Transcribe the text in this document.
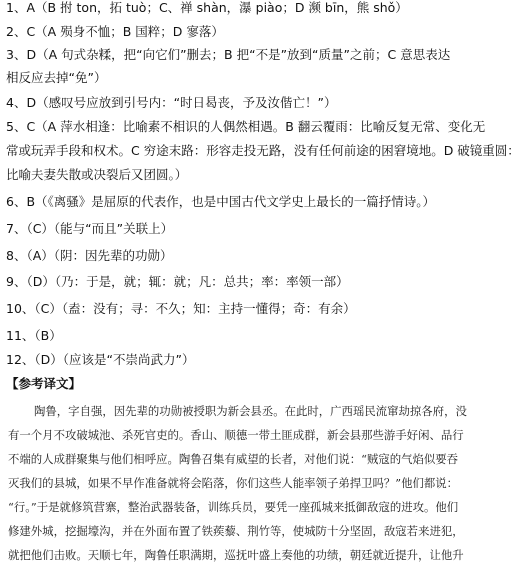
1、A（B 拊 ton，拓 tuò；C、禅 shàn，瀑 piào；D 濒 bīn，熊 shǒ）
2、C（A 殒身不恤；B 国粹；D 寥落）
3、D（A 句式杂糅，把“向它们”删去；B 把“不是”放到“质量”之前；C 意思表达
相反应去掉“免”）
4、D（感叹号应放到引号内：“时日曷丧，予及汝偕亡！”）
5、C（A 萍水相逢：比喻素不相识的人偶然相遇。B 翻云覆雨：比喻反复无常、变化无
常或玩弄手段和权术。C 穷途末路：形容走投无路，没有任何前途的困窘境地。D 破镜重圆：
比喻夫妻失散或决裂后又团圆。）
6、B（《离骚》是屈原的代表作，也是中国古代文学史上最长的一篇抒情诗。）
7、（C）（能与“而且”关联上）
8、（A）（阴：因先辈的功勋）
9、（D）（乃：于是，就；辄：就；凡：总共；率：率领一部）
10、（C）（盍：没有；寻：不久；知：主持一懂得；奇：有余）
11、（B）
12、（D）（应该是“不崇尚武力”）
【参考译文】
陶鲁，字自强，因先辈的功勋被授职为新会县丞。在此时，广西瑶民流窜劫掠各府，没
有一个月不攻破城池、杀死官吏的。香山、顺德一带土匪成群，新会县那些游手好闲、品行
不端的人成群聚集与他们相呼应。陶鲁召集有威望的长者，对他们说：“贼寇的气焰似要吞
灭我们的县城，如果不早作准备就将会陷落，你们这些人能率领子弟捍卫吗？”他们都说：
“行。”于是就修筑营寨，整治武器装备，训练兵员，要凭一座孤城来抵御敌寇的进攻。他们
修建外城，挖掘壕沟，并在外面布置了铁蒺藜、荆竹等，使城防十分坚固，敌寇若来进犯，
就把他们击败。天顺七年，陶鲁任职满期，巡抚叶盛上奏他的功绩，朝廷就近提升，让他升
